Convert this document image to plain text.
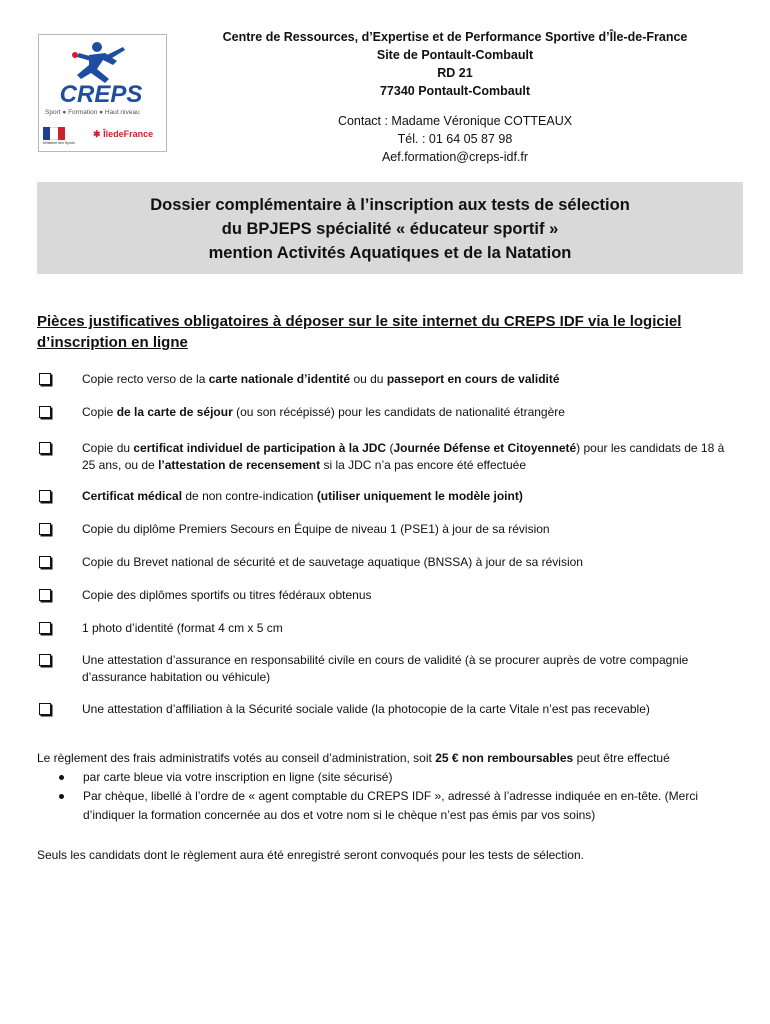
CREPS
Sport ● Formation ● Haut niveau
Ministère des Sports
✱ ÎledeFrance
Centre de Ressources, d’Expertise et de Performance Sportive d’Île-de-France
Site de Pontault-Combault
RD 21
77340 Pontault-Combault
Contact : Madame Véronique COTTEAUX
Tél. : 01 64 05 87 98
Aef.formation@creps-idf.fr
Dossier complémentaire à l’inscription aux tests de sélection
du BPJEPS spécialité « éducateur sportif »
mention Activités Aquatiques et de la Natation
Pièces justificatives obligatoires à déposer sur le site internet du CREPS IDF via le logiciel
d’inscription en ligne
Copie recto verso de la carte nationale d’identité ou du passeport en cours de validité
Copie de la carte de séjour (ou son récépissé) pour les candidats de nationalité étrangère
Copie du certificat individuel de participation à la JDC (Journée Défense et Citoyenneté) pour les candidats de 18 à 25 ans, ou de l’attestation de recensement si la JDC n’a pas encore été effectuée
Certificat médical de non contre-indication (utiliser uniquement le modèle joint)
Copie du diplôme Premiers Secours en Équipe de niveau 1 (PSE1) à jour de sa révision
Copie du Brevet national de sécurité et de sauvetage aquatique (BNSSA) à jour de sa révision
Copie des diplômes sportifs ou titres fédéraux obtenus
1 photo d’identité (format 4 cm x 5 cm
Une attestation d’assurance en responsabilité civile en cours de validité (à se procurer auprès de votre compagnie d’assurance habitation ou véhicule)
Une attestation d’affiliation à la Sécurité sociale valide (la photocopie de la carte Vitale n’est pas recevable)
Le règlement des frais administratifs votés au conseil d’administration, soit 25 € non remboursables peut être effectué
par carte bleue via votre inscription en ligne (site sécurisé)
Par chèque, libellé à l’ordre de « agent comptable du CREPS IDF », adressé à l’adresse indiquée en en-tête. (Merci d’indiquer la formation concernée au dos et votre nom si le chèque n’est pas émis par vos soins)
Seuls les candidats dont le règlement aura été enregistré seront convoqués pour les tests de sélection.
